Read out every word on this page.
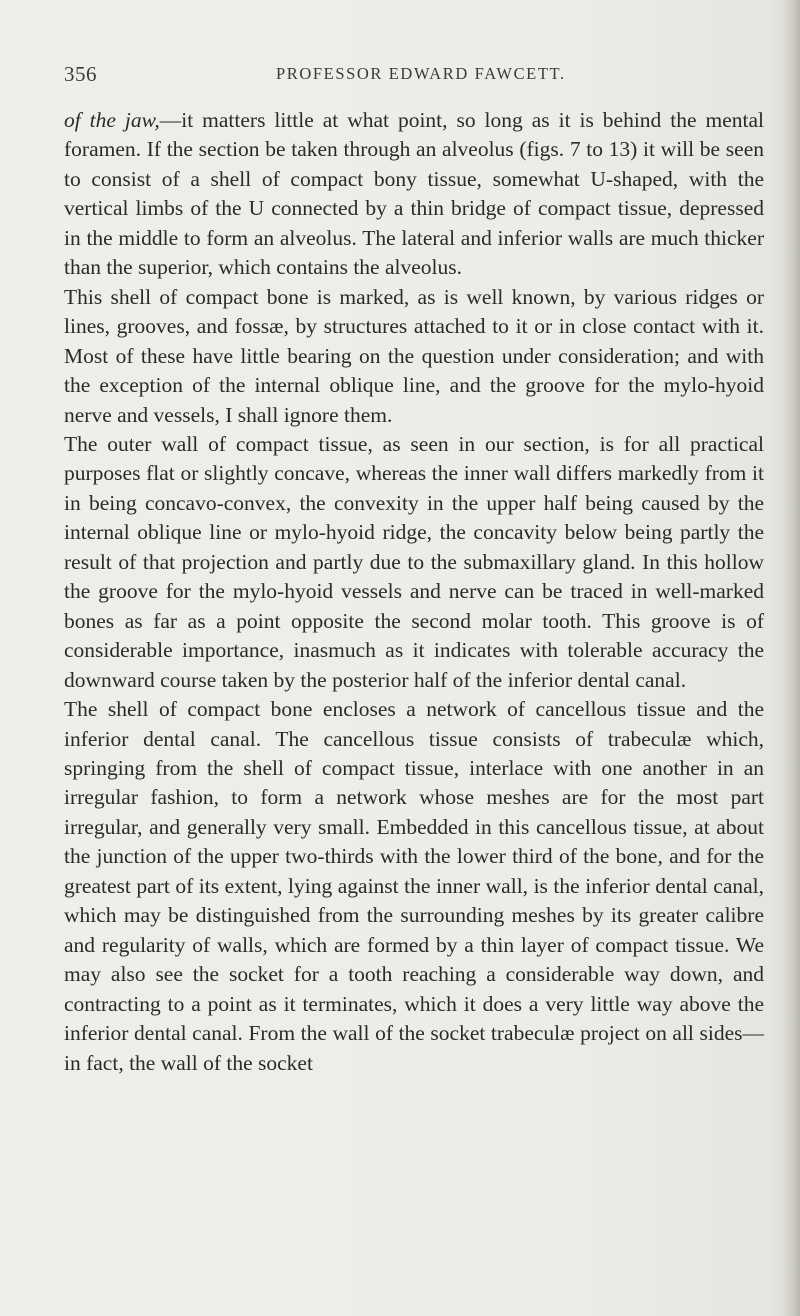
356	PROFESSOR EDWARD FAWCETT.

of the jaw,—it matters little at what point, so long as it is behind the mental foramen. If the section be taken through an alveolus (figs. 7 to 13) it will be seen to consist of a shell of compact bony tissue, somewhat U-shaped, with the vertical limbs of the U connected by a thin bridge of compact tissue, depressed in the middle to form an alveolus. The lateral and inferior walls are much thicker than the superior, which contains the alveolus.

This shell of compact bone is marked, as is well known, by various ridges or lines, grooves, and fossæ, by structures attached to it or in close contact with it. Most of these have little bearing on the question under consideration; and with the exception of the internal oblique line, and the groove for the mylo-hyoid nerve and vessels, I shall ignore them.

The outer wall of compact tissue, as seen in our section, is for all practical purposes flat or slightly concave, whereas the inner wall differs markedly from it in being concavo-convex, the convexity in the upper half being caused by the internal oblique line or mylo-hyoid ridge, the concavity below being partly the result of that projection and partly due to the submaxillary gland. In this hollow the groove for the mylo-hyoid vessels and nerve can be traced in well-marked bones as far as a point opposite the second molar tooth. This groove is of considerable importance, inasmuch as it indicates with tolerable accuracy the downward course taken by the posterior half of the inferior dental canal.

The shell of compact bone encloses a network of cancellous tissue and the inferior dental canal. The cancellous tissue consists of trabeculæ which, springing from the shell of compact tissue, interlace with one another in an irregular fashion, to form a network whose meshes are for the most part irregular, and generally very small. Embedded in this cancellous tissue, at about the junction of the upper two-thirds with the lower third of the bone, and for the greatest part of its extent, lying against the inner wall, is the inferior dental canal, which may be distinguished from the surrounding meshes by its greater calibre and regularity of walls, which are formed by a thin layer of compact tissue. We may also see the socket for a tooth reaching a considerable way down, and contracting to a point as it terminates, which it does a very little way above the inferior dental canal. From the wall of the socket trabeculæ project on all sides—in fact, the wall of the socket
